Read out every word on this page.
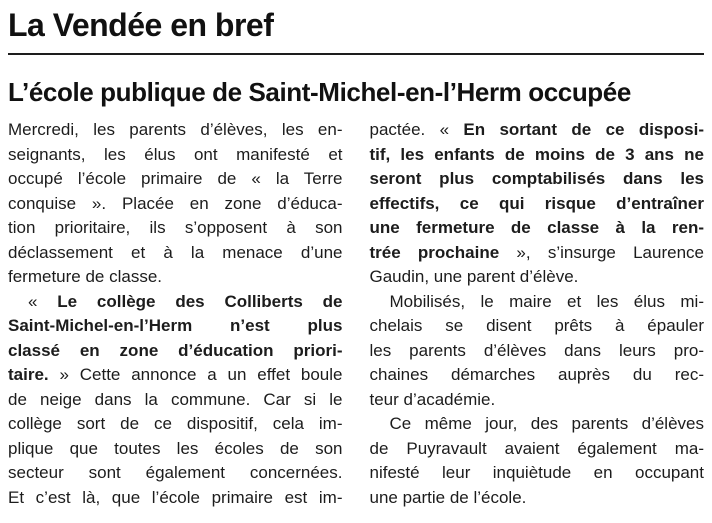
La Vendée en bref
L’école publique de Saint-Michel-en-l’Herm occupée
Mercredi, les parents d’élèves, les en-
seignants, les élus ont manifesté et
occupé l’école primaire de « la Terre
conquise ». Placée en zone d’éduca-
tion prioritaire, ils s’opposent à son
déclassement et à la menace d’une
fermeture de classe.
« Le collège des Colliberts de
Saint-Michel-en-l’Herm n’est plus
classé en zone d’éducation priori-
taire. » Cette annonce a un effet boule
de neige dans la commune. Car si le
collège sort de ce dispositif, cela im-
plique que toutes les écoles de son
secteur sont également concernées.
Et c’est là, que l’école primaire est im-
pactée. « En sortant de ce disposi-
tif, les enfants de moins de 3 ans ne
seront plus comptabilisés dans les
effectifs, ce qui risque d’entraîner
une fermeture de classe à la ren-
trée prochaine », s’insurge Laurence
Gaudin, une parent d’élève.
Mobilisés, le maire et les élus mi-
chelais se disent prêts à épauler
les parents d’élèves dans leurs pro-
chaines démarches auprès du rec-
teur d’académie.
Ce même jour, des parents d’élèves
de Puyravault avaient également ma-
nifesté leur inquiètude en occupant
une partie de l’école.
